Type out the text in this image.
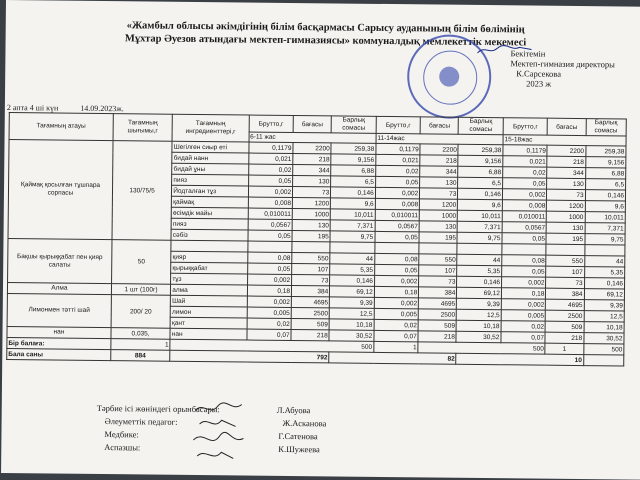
«Жамбыл облысы әкімдігінің білім басқармасы Сарысу ауданының білім бөлімінің
Мұхтар Әуезов атындағы мектеп-гимназиясы» коммуналдық мемлекеттік мекемесі
Бекітемін
Мектеп-гимназия директоры
К.Сарсекова
2023 ж
2 апта 4 ші күн	14.09.2023ж.
Тағамның атауы	Тағамның шығымы,г	Тағамның ингредиенттері,г	Брутто,г	бағасы	Барлық сомасы	Брутто,г	бағасы	Барлық сомасы	Брутто,г	бағасы	Барлық сомасы
			6-11 жас			11-14жас			15-18жас		
Қаймақ қосылған тұшпара сорпасы	130/75/5	Шегілген сиыр еті	0,1179	2200	259,38	0,1179	2200	259,38	0,1179	2200	259,38
		бидай нанн	0,021	218	9,156	0,021	218	9,156	0,021	218	9,156
		бидай ұны	0,02	344	6,88	0,02	344	6,88	0,02	344	6,88
		пияз	0,05	130	6,5	0,05	130	6,5	0,05	130	6,5
		Йодталған тұз	0,002	73	0,146	0,002	73	0,146	0,002	73	0,146
		қаймақ	0,008	1200	9,6	0,008	1200	9,6	0,008	1200	9,6
		өсімдік майы	0,010011	1000	10,011	0,010011	1000	10,011	0,010011	1000	10,011
		пияз	0,0567	130	7,371	0,0567	130	7,371	0,0567	130	7,371
		сәбіз	0,05	195	9,75	0,05	195	9,75	0,05	195	9,75
Бақшы қырыққабат пен қияр салаты	50										
		қияр	0,08	550	44	0,08	550	44	0,08	550	44
		қырыққабат	0,05	107	5,35	0,05	107	5,35	0,05	107	5,35
		тұз	0,002	73	0,146	0,002	73	0,146	0,002	73	0,146
Алма	1 шт (100г)	алма	0,18	384	69,12	0,18	384	69,12	0,18	384	69,12
Лимонмен тәтті шай	200/ 20	Шай	0,002	4695	9,39	0,002	4695	9,39	0,002	4695	9,39
		лимон	0,005	2500	12,5	0,005	2500	12,5	0,005	2500	12,5
		қант	0,02	509	10,18	0,02	509	10,18	0,02	509	10,18
нан	0,035,	нан	0,07	218	30,52	0,07	218	30,52	0,07	218	30,52
Бір балаға:	1	500				1	500			1	500
Бала саны	884	792			82			10			
Тәрбие ісі жөніндегі орынбасары:	Л.Абуова
Әлеуметтік педагог:	Ж.Асканова
Медбике:	Г.Сатенова
Аспазшы:	К.Шужеева
